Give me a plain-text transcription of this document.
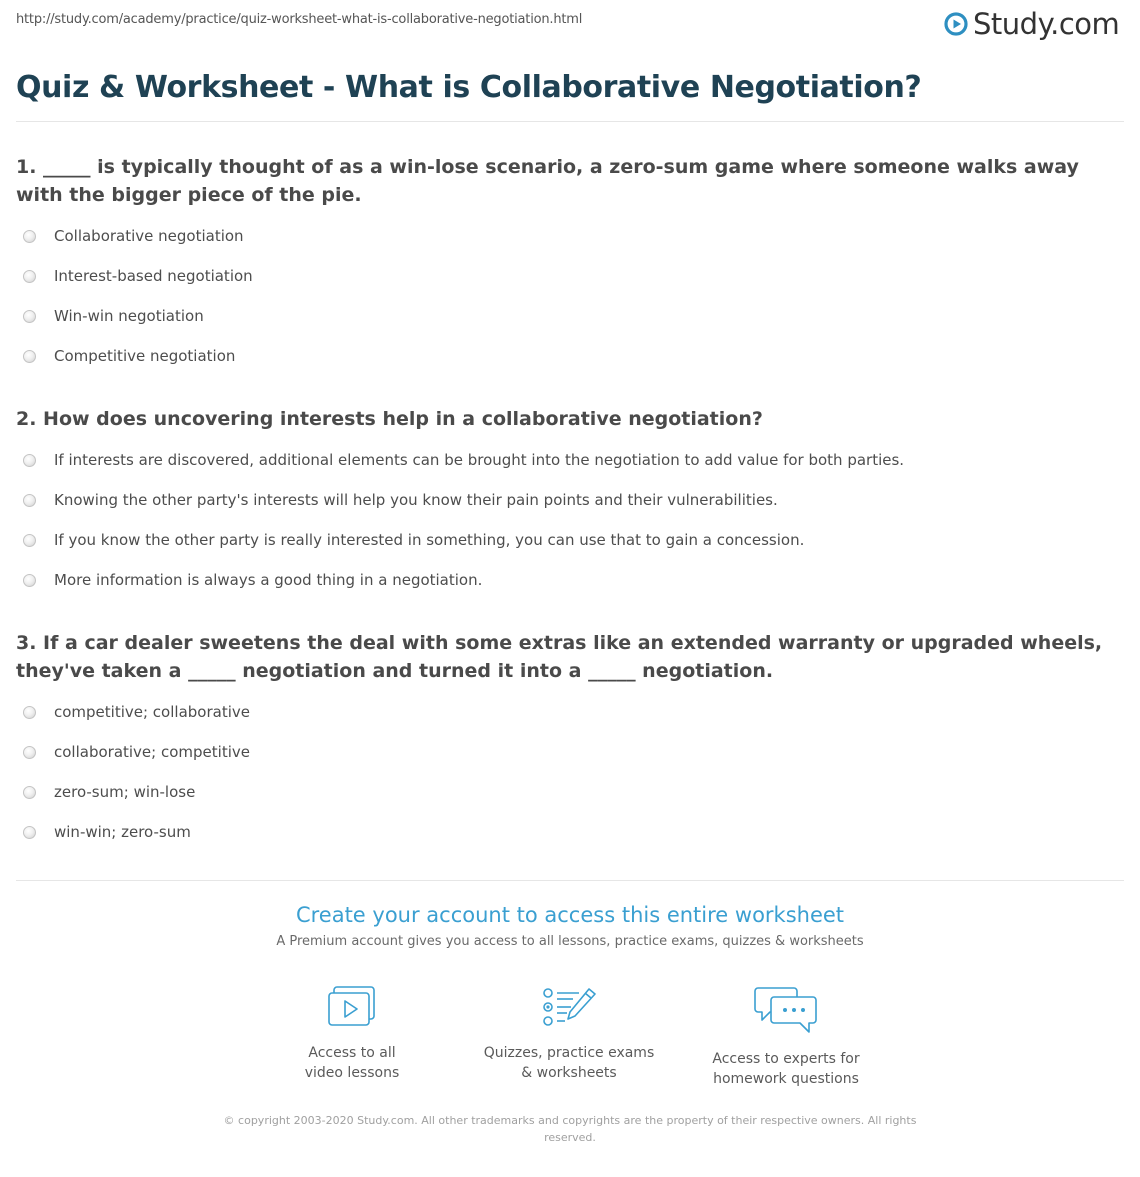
http://study.com/academy/practice/quiz-worksheet-what-is-collaborative-negotiation.html	Study.com
Quiz & Worksheet - What is Collaborative Negotiation?

1. _____ is typically thought of as a win-lose scenario, a zero-sum game where someone walks away with the bigger piece of the pie.

Collaborative negotiation
Interest-based negotiation
Win-win negotiation
Competitive negotiation

2. How does uncovering interests help in a collaborative negotiation?

If interests are discovered, additional elements can be brought into the negotiation to add value for both parties.
Knowing the other party's interests will help you know their pain points and their vulnerabilities.
If you know the other party is really interested in something, you can use that to gain a concession.
More information is always a good thing in a negotiation.

3. If a car dealer sweetens the deal with some extras like an extended warranty or upgraded wheels, they've taken a _____ negotiation and turned it into a _____ negotiation.

competitive; collaborative
collaborative; competitive
zero-sum; win-lose
win-win; zero-sum
Create your account to access this entire worksheet
A Premium account gives you access to all lessons, practice exams, quizzes & worksheets
Access to all
video lessons
Quizzes, practice exams
& worksheets
Access to experts for
homework questions
© copyright 2003-2020 Study.com. All other trademarks and copyrights are the property of their respective owners. All rights reserved.
